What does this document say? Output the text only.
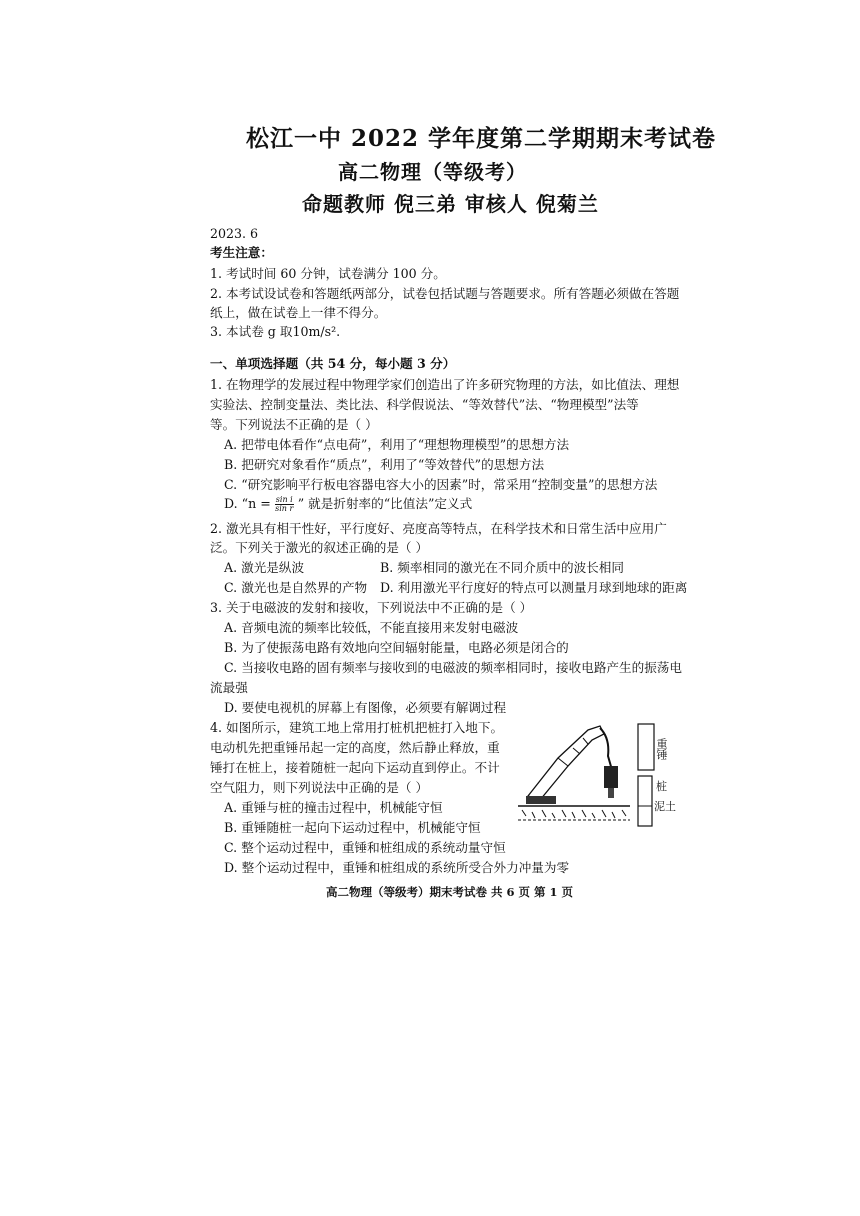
松江一中 2022 学年度第二学期期末考试卷
高二物理（等级考）
命题教师 倪三弟 审核人 倪菊兰
2023. 6
考生注意：
1. 考试时间 60 分钟，试卷满分 100 分。
2. 本考试设试卷和答题纸两部分，试卷包括试题与答题要求。所有答题必须做在答题
纸上，做在试卷上一律不得分。
3. 本试卷 g 取10m/s².
一、单项选择题（共 54 分，每小题 3 分）
1. 在物理学的发展过程中物理学家们创造出了许多研究物理的方法，如比值法、理想
实验法、控制变量法、类比法、科学假说法、“等效替代”法、“物理模型”法等
等。下列说法不正确的是（ ）
A. 把带电体看作“点电荷”，利用了“理想物理模型”的思想方法
B. 把研究对象看作“质点”，利用了“等效替代”的思想方法
C. “研究影响平行板电容器电容大小的因素”时，常采用“控制变量”的思想方法
D. “$n = \frac{\text{sin i}}{\text{sin r}}$ ” 就是折射率的“比值法”定义式
2. 激光具有相干性好，平行度好、亮度高等特点，在科学技术和日常生活中应用广
泛。下列关于激光的叙述正确的是（ ）
A. 激光是纵波	B. 频率相同的激光在不同介质中的波长相同
C. 激光也是自然界的产物 D. 利用激光平行度好的特点可以测量月球到地球的距离
3. 关于电磁波的发射和接收，下列说法中不正确的是（ ）
A. 音频电流的频率比较低，不能直接用来发射电磁波
B. 为了使振荡电路有效地向空间辐射能量，电路必须是闭合的
C. 当接收电路的固有频率与接收到的电磁波的频率相同时，接收电路产生的振荡电
流最强
D. 要使电视机的屏幕上有图像，必须要有解调过程
4. 如图所示，建筑工地上常用打桩机把桩打入地下。
电动机先把重锤吊起一定的高度，然后静止释放，重
锤打在桩上，接着随桩一起向下运动直到停止。不计
空气阻力，则下列说法中正确的是（ ）
A. 重锤与桩的撞击过程中，机械能守恒
B. 重锤随桩一起向下运动过程中，机械能守恒
C. 整个运动过程中，重锤和桩组成的系统动量守恒
D. 整个运动过程中，重锤和桩组成的系统所受合外力冲量为零
重锤
桩
泥土
高二物理（等级考）期末考试卷 共 6 页 第 1 页
